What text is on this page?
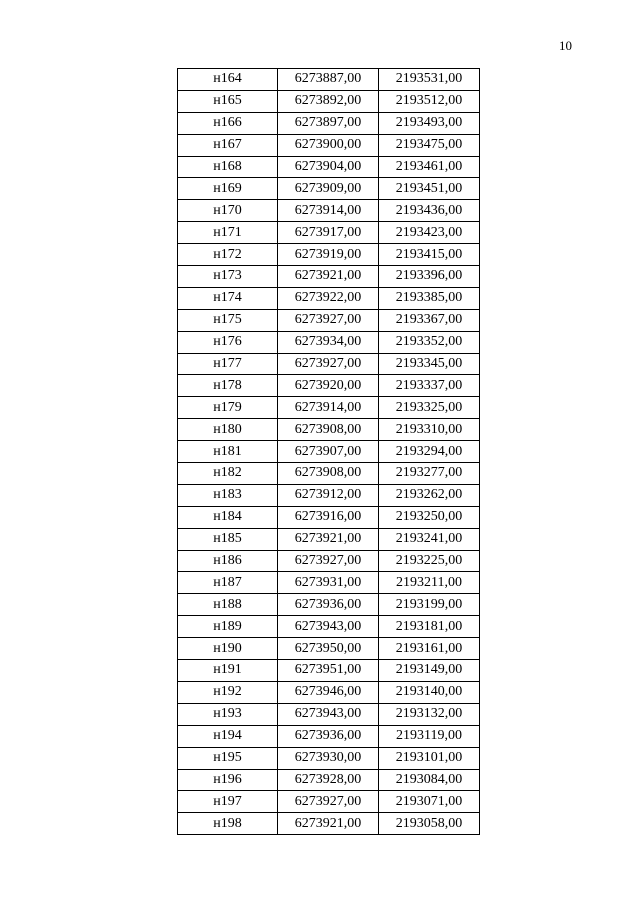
10
н164	6273887,00	2193531,00
н165	6273892,00	2193512,00
н166	6273897,00	2193493,00
н167	6273900,00	2193475,00
н168	6273904,00	2193461,00
н169	6273909,00	2193451,00
н170	6273914,00	2193436,00
н171	6273917,00	2193423,00
н172	6273919,00	2193415,00
н173	6273921,00	2193396,00
н174	6273922,00	2193385,00
н175	6273927,00	2193367,00
н176	6273934,00	2193352,00
н177	6273927,00	2193345,00
н178	6273920,00	2193337,00
н179	6273914,00	2193325,00
н180	6273908,00	2193310,00
н181	6273907,00	2193294,00
н182	6273908,00	2193277,00
н183	6273912,00	2193262,00
н184	6273916,00	2193250,00
н185	6273921,00	2193241,00
н186	6273927,00	2193225,00
н187	6273931,00	2193211,00
н188	6273936,00	2193199,00
н189	6273943,00	2193181,00
н190	6273950,00	2193161,00
н191	6273951,00	2193149,00
н192	6273946,00	2193140,00
н193	6273943,00	2193132,00
н194	6273936,00	2193119,00
н195	6273930,00	2193101,00
н196	6273928,00	2193084,00
н197	6273927,00	2193071,00
н198	6273921,00	2193058,00
